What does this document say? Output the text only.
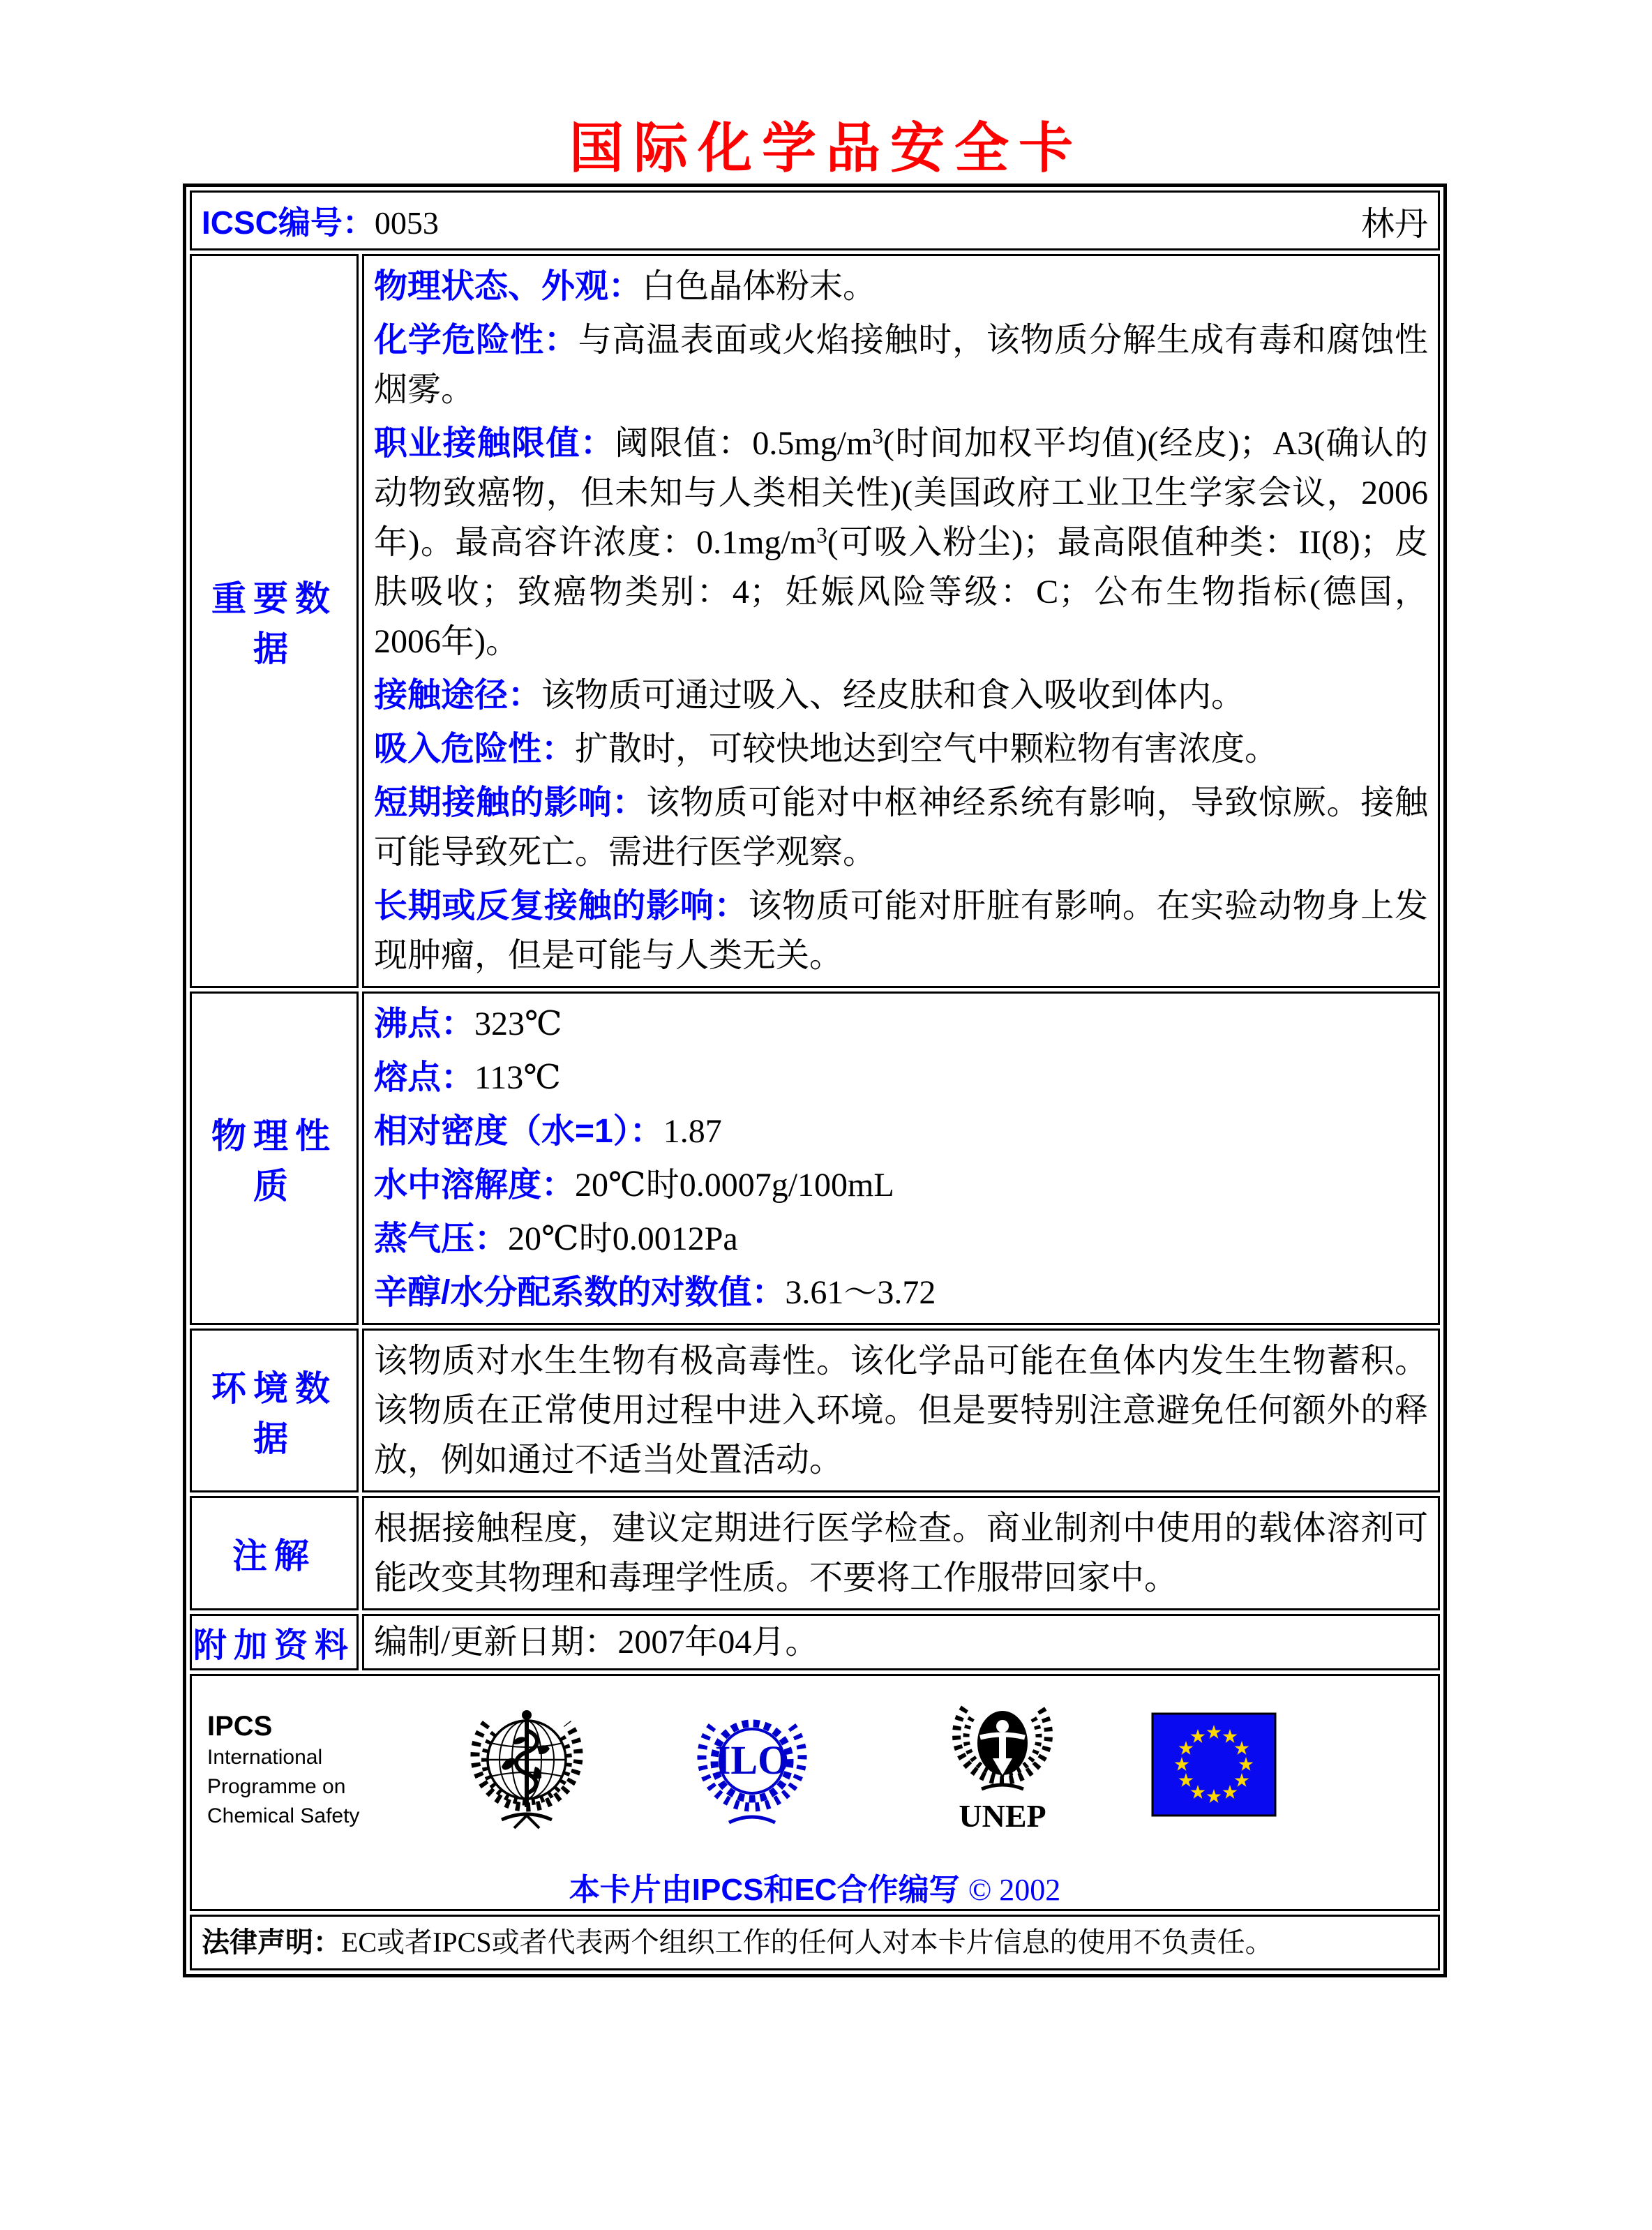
国际化学品安全卡
ICSC编号：0053 林丹	

重要数据	
物理状态、外观：白色晶体粉末。
化学危险性：与高温表面或火焰接触时，该物质分解生成有毒和腐蚀性烟雾。
职业接触限值：阈限值：$0.5mg/m^3$(时间加权平均值)(经皮)；A3(确认的动物致癌物，但未知与人类相关性)(美国政府工业卫生学家会议，2006年)。最高容许浓度：$0.1mg/m^3$(可吸入粉尘)；最高限值种类：II(8)；皮肤吸收；致癌物类别：4；妊娠风险等级：C；公布生物指标(德国，2006年)。
接触途径：该物质可通过吸入、经皮肤和食入吸收到体内。
吸入危险性：扩散时，可较快地达到空气中颗粒物有害浓度。
短期接触的影响：该物质可能对中枢神经系统有影响，导致惊厥。接触可能导致死亡。需进行医学观察。
长期或反复接触的影响：该物质可能对肝脏有影响。在实验动物身上发现肿瘤，但是可能与人类无关。

物理性质	
沸点：323℃
熔点：113℃
相对密度（水=1）：1.87
水中溶解度：20℃时0.0007g/100mL
蒸气压：20℃时0.0012Pa
辛醇/水分配系数的对数值：3.61～3.72

环境数据	该物质对水生生物有极高毒性。该化学品可能在鱼体内发生生物蓄积。该物质在正常使用过程中进入环境。但是要特别注意避免任何额外的释放，例如通过不适当处置活动。

注解	根据接触程度，建议定期进行医学检查。商业制剂中使用的载体溶剂可能改变其物理和毒理学性质。不要将工作服带回家中。

附加资料	编制/更新日期：2007年04月。

IPCS
International
Programme on
Chemical Safety
ILO
UNEP
本卡片由IPCS和EC合作编写 © 2002

法律声明：EC或者IPCS或者代表两个组织工作的任何人对本卡片信息的使用不负责任。	
